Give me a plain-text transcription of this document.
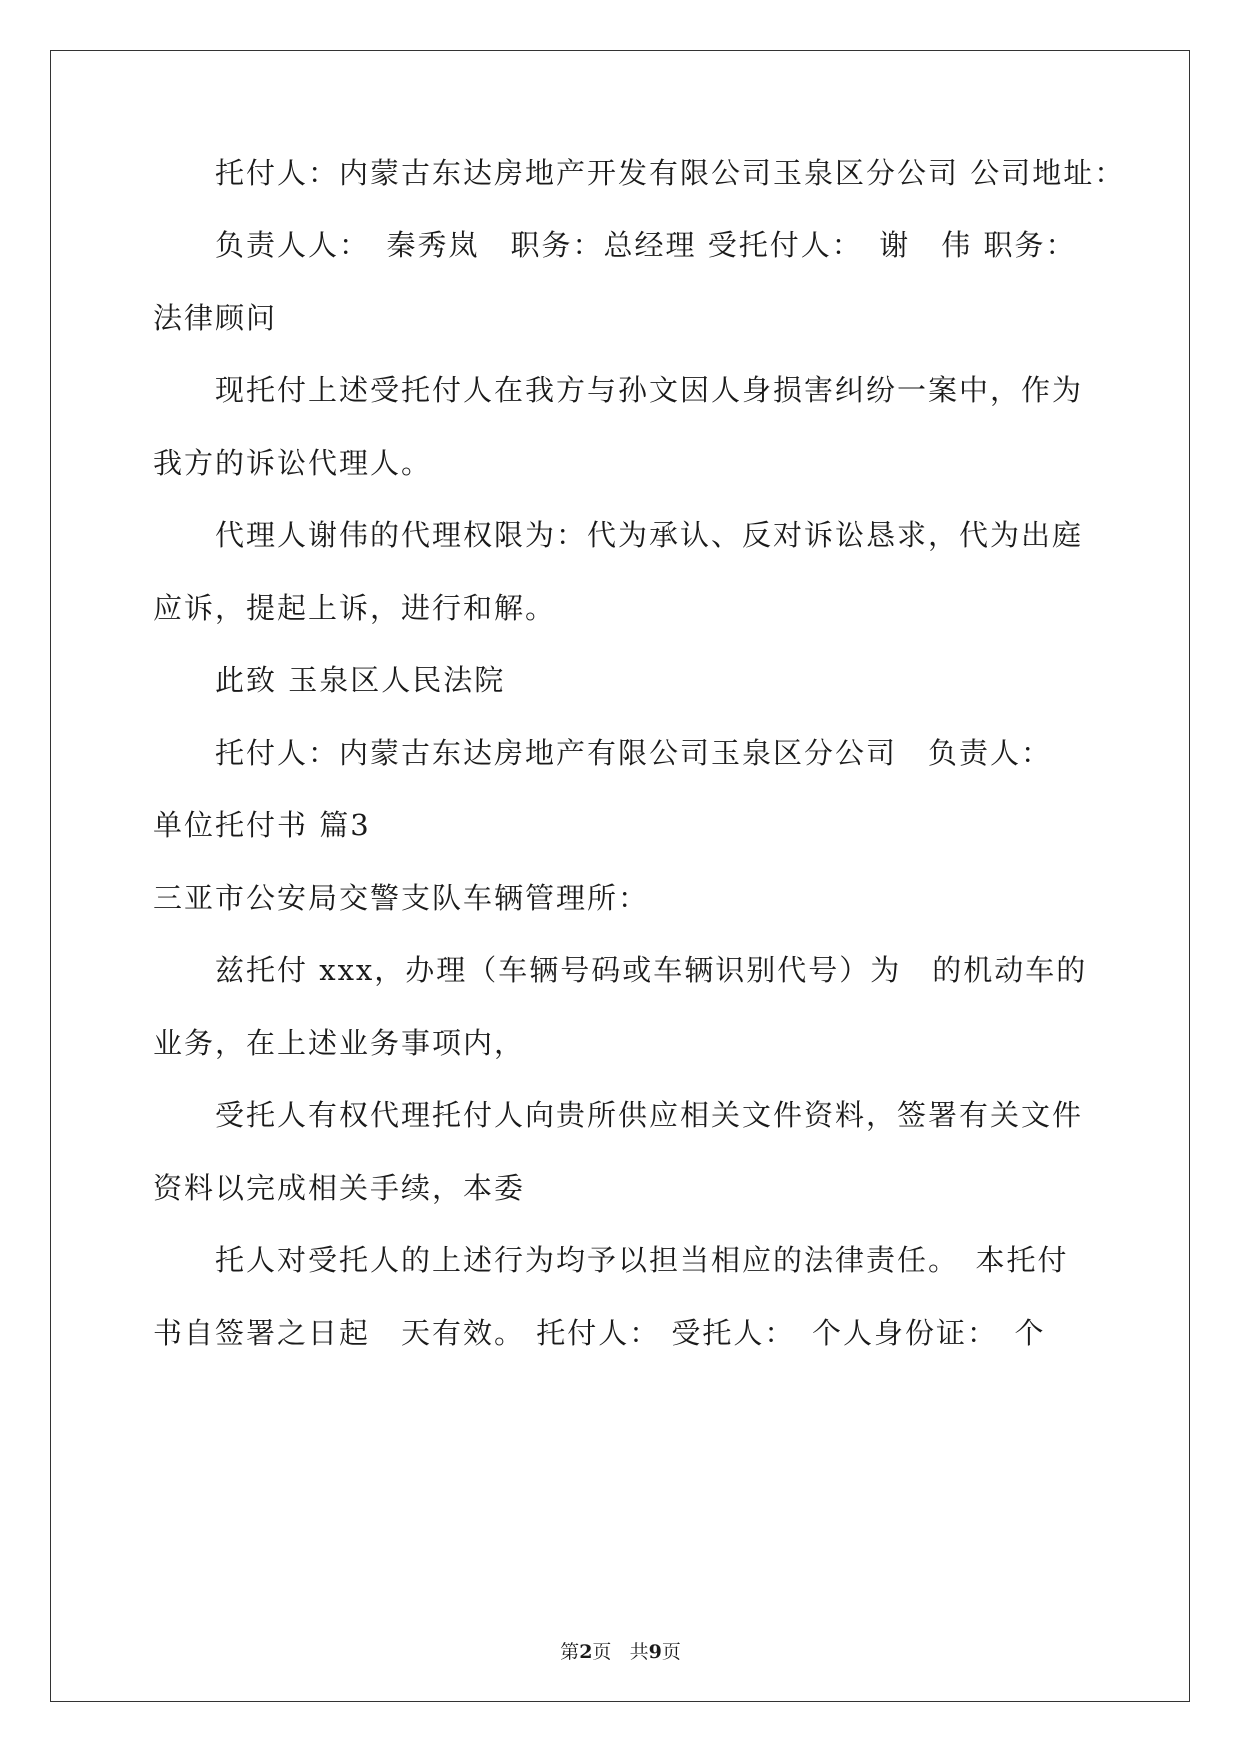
托付人：内蒙古东达房地产开发有限公司玉泉区分公司 公司地址：
负责人人：　秦秀岚　职务：总经理 受托付人：　谢　伟 职务：
法律顾问
现托付上述受托付人在我方与孙文因人身损害纠纷一案中，作为
我方的诉讼代理人。
代理人谢伟的代理权限为：代为承认、反对诉讼恳求，代为出庭
应诉，提起上诉，进行和解。
此致 玉泉区人民法院
托付人：内蒙古东达房地产有限公司玉泉区分公司　负责人：
单位托付书 篇3
三亚市公安局交警支队车辆管理所：
兹托付 xxx，办理（车辆号码或车辆识别代号）为　的机动车的
业务，在上述业务事项内，
受托人有权代理托付人向贵所供应相关文件资料，签署有关文件
资料以完成相关手续，本委
托人对受托人的上述行为均予以担当相应的法律责任。　本托付
书自签署之日起　天有效。 托付人： 受托人：　个人身份证：　个
第2页 共9页
